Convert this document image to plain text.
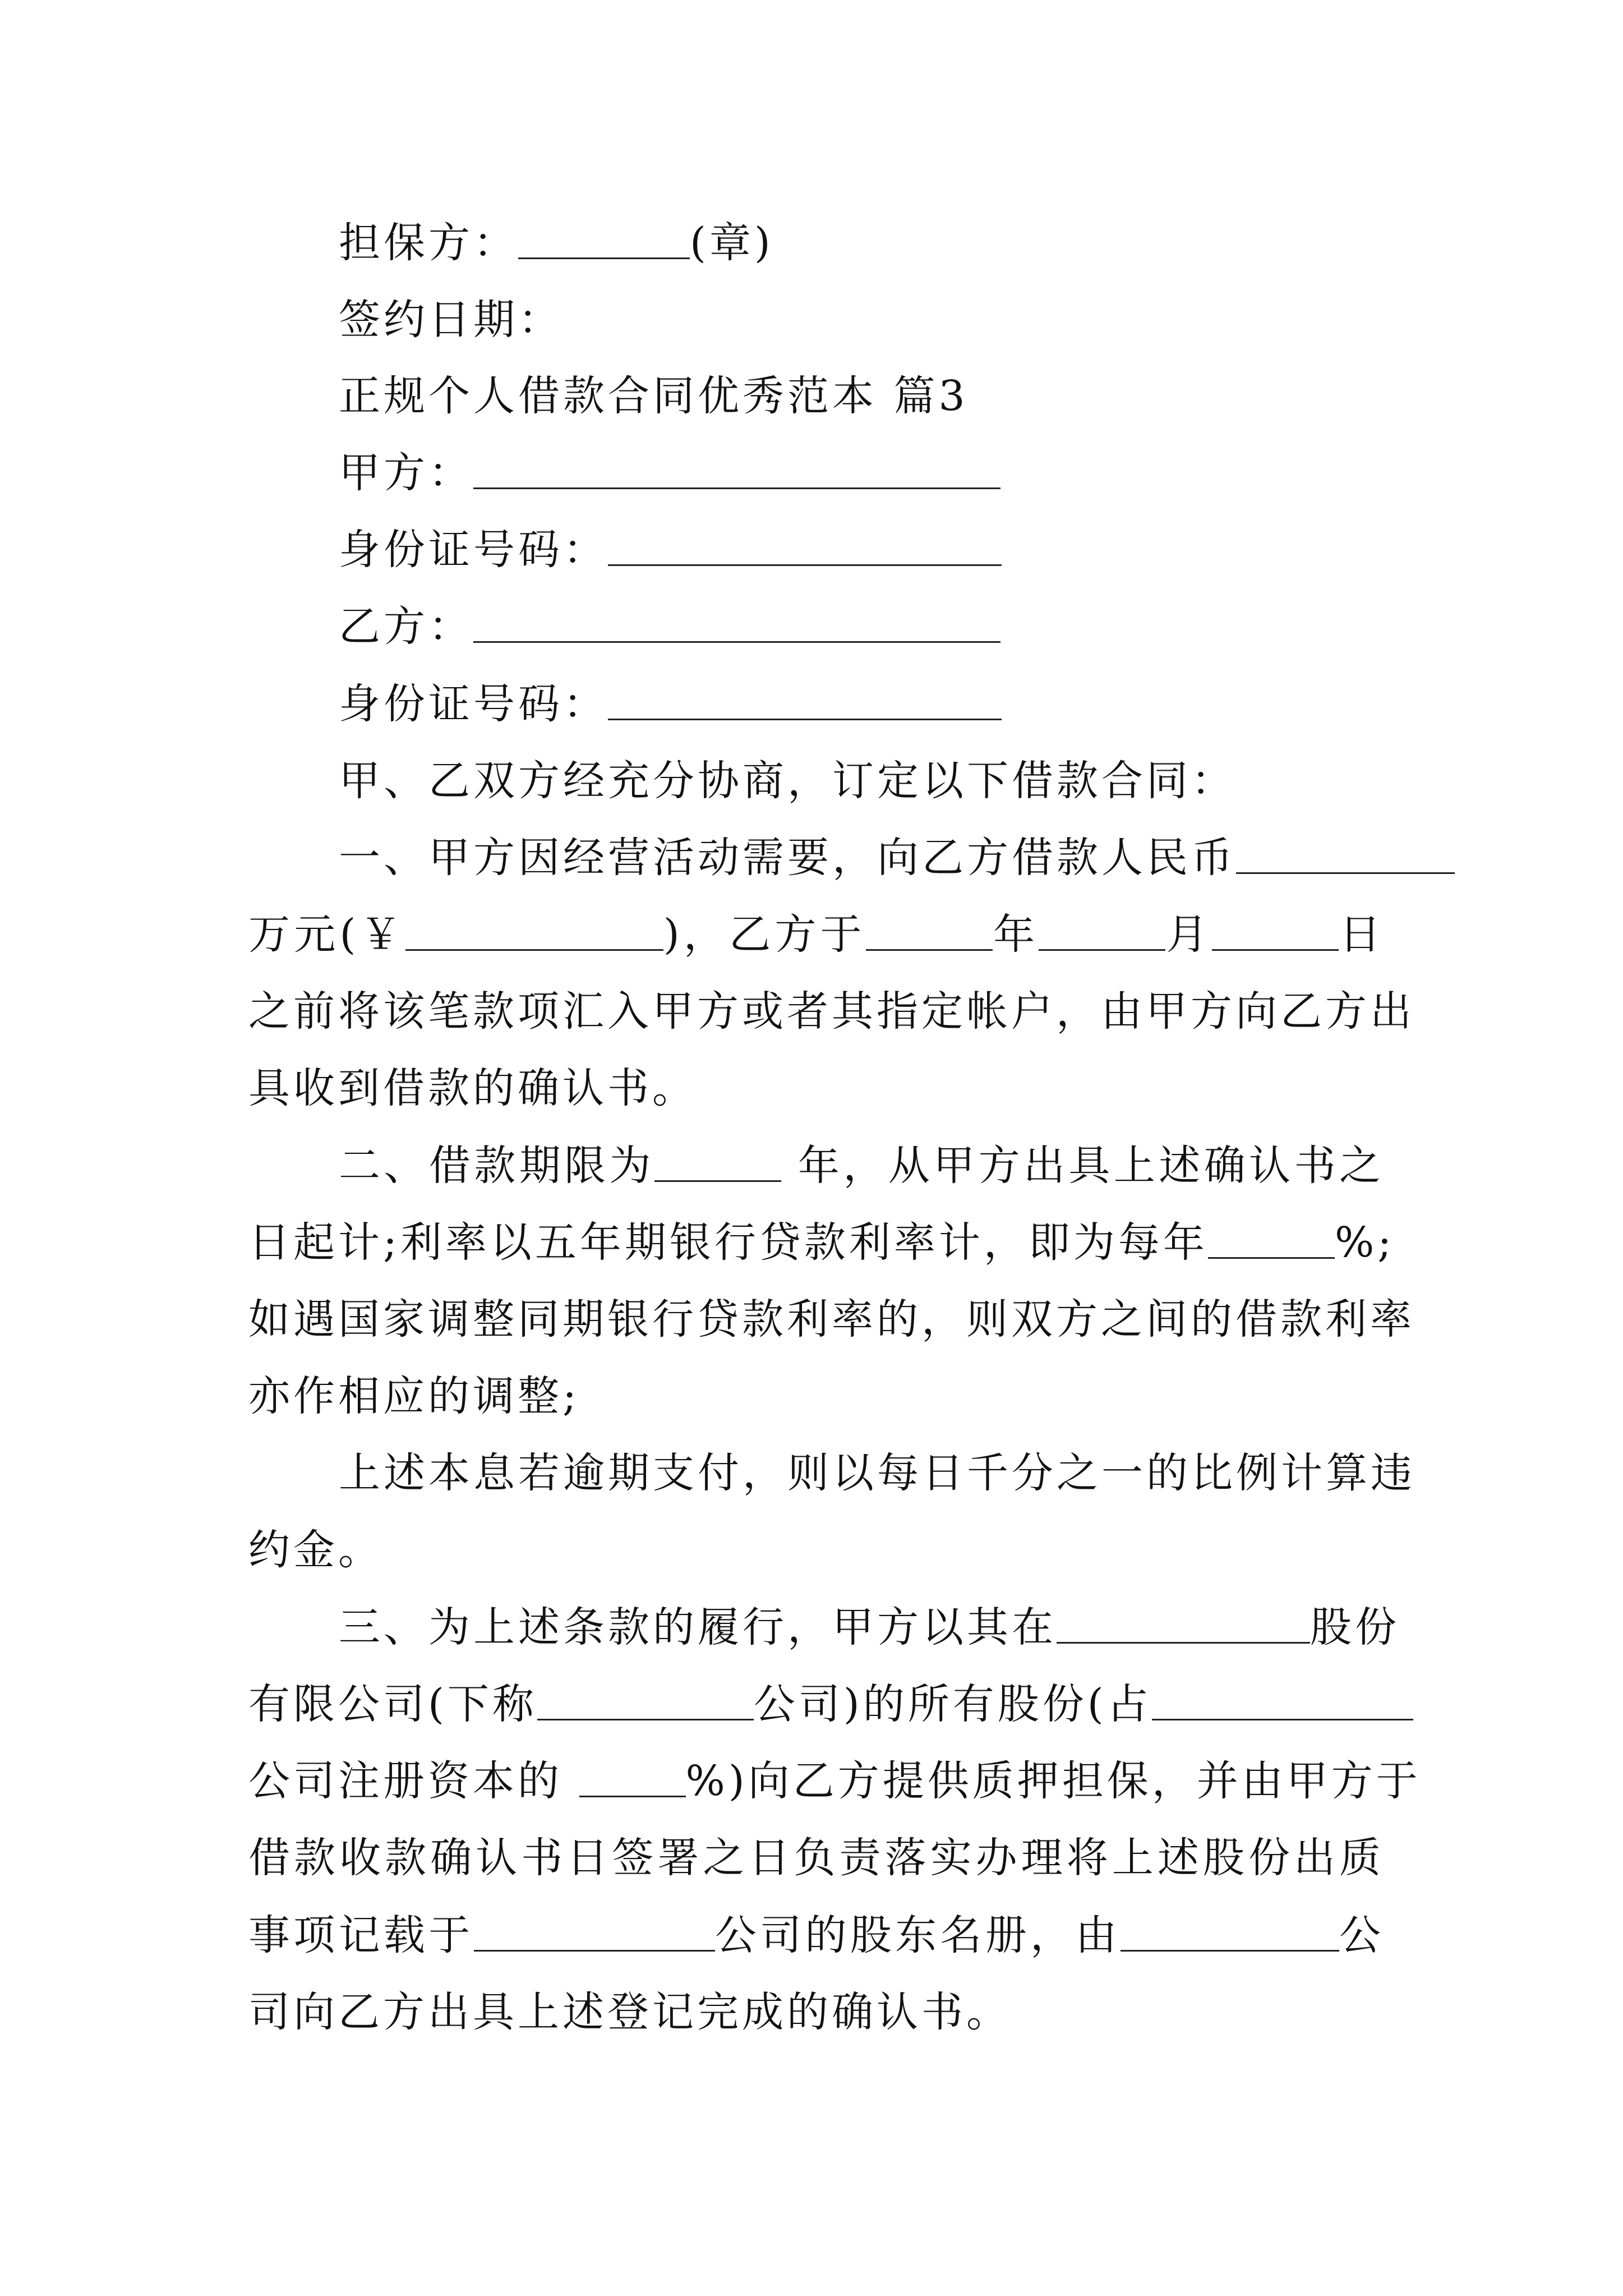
担保方：	(章)
签约日期：
正规个人借款合同优秀范本 篇3
甲方：
身份证号码：
乙方：
身份证号码：
甲、乙双方经充分协商，订定以下借款合同：
一、甲方因经营活动需要，向乙方借款人民币
万元(￥	)，乙方于	年	月	日
之前将该笔款项汇入甲方或者其指定帐户，由甲方向乙方出
具收到借款的确认书。
二、借款期限为	年，从甲方出具上述确认书之
日起计;利率以五年期银行贷款利率计，即为每年	%;
如遇国家调整同期银行贷款利率的，则双方之间的借款利率
亦作相应的调整;
上述本息若逾期支付，则以每日千分之一的比例计算违
约金。
三、为上述条款的履行，甲方以其在	股份
有限公司(下称	公司)的所有股份(占
公司注册资本的	%)向乙方提供质押担保，并由甲方于
借款收款确认书日签署之日负责落实办理将上述股份出质
事项记载于	公司的股东名册，由	公
司向乙方出具上述登记完成的确认书。
